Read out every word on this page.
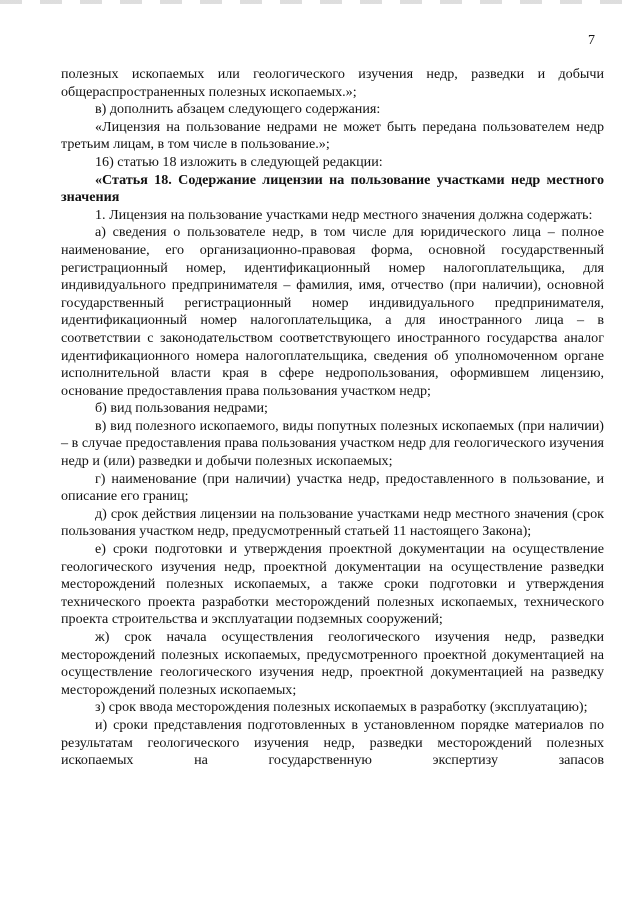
7

полезных ископаемых или геологического изучения недр, разведки и добычи общераспространенных полезных ископаемых.»;

в) дополнить абзацем следующего содержания:

«Лицензия на пользование недрами не может быть передана пользователем недр третьим лицам, в том числе в пользование.»;

16) статью 18 изложить в следующей редакции:

«Статья 18. Содержание лицензии на пользование участками недр местного значения

1. Лицензия на пользование участками недр местного значения должна содержать:

а) сведения о пользователе недр, в том числе для юридического лица – полное наименование, его организационно-правовая форма, основной государственный регистрационный номер, идентификационный номер налогоплательщика, для индивидуального предпринимателя – фамилия, имя, отчество (при наличии), основной государственный регистрационный номер индивидуального предпринимателя, идентификационный номер налогоплательщика, а для иностранного лица – в соответствии с законодательством соответствующего иностранного государства аналог идентификационного номера налогоплательщика, сведения об уполномоченном органе исполнительной власти края в сфере недропользования, оформившем лицензию, основание предоставления права пользования участком недр;

б) вид пользования недрами;

в) вид полезного ископаемого, виды попутных полезных ископаемых (при наличии) – в случае предоставления права пользования участком недр для геологического изучения недр и (или) разведки и добычи полезных ископаемых;

г) наименование (при наличии) участка недр, предоставленного в пользование, и описание его границ;

д) срок действия лицензии на пользование участками недр местного значения (срок пользования участком недр, предусмотренный статьей 11 настоящего Закона);

е) сроки подготовки и утверждения проектной документации на осуществление геологического изучения недр, проектной документации на осуществление разведки месторождений полезных ископаемых, а также сроки подготовки и утверждения технического проекта разработки месторождений полезных ископаемых, технического проекта строительства и эксплуатации подземных сооружений;

ж) срок начала осуществления геологического изучения недр, разведки месторождений полезных ископаемых, предусмотренного проектной документацией на осуществление геологического изучения недр, проектной документацией на разведку месторождений полезных ископаемых;

з) срок ввода месторождения полезных ископаемых в разработку (эксплуатацию);

и) сроки представления подготовленных в установленном порядке материалов по результатам геологического изучения недр, разведки месторождений полезных ископаемых на государственную экспертизу запасов
